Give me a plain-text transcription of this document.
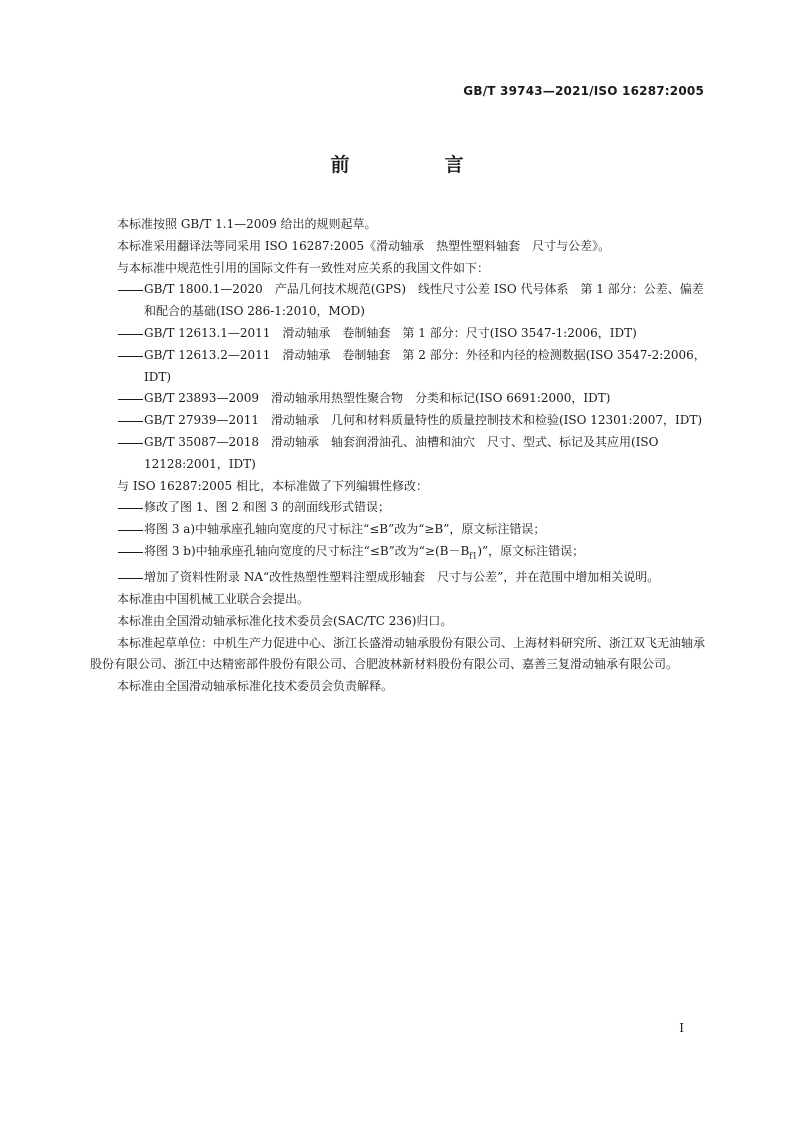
GB/T 39743—2021/ISO 16287:2005
前　言

本标准按照 GB/T 1.1—2009 给出的规则起草。

本标准采用翻译法等同采用 ISO 16287:2005《滑动轴承　热塑性塑料轴套　尺寸与公差》。

与本标准中规范性引用的国际文件有一致性对应关系的我国文件如下：

GB/T 1800.1—2020　产品几何技术规范(GPS)　线性尺寸公差 ISO 代号体系　第 1 部分：公差、偏差和配合的基础(ISO 286-1:2010，MOD)
GB/T 12613.1—2011　滑动轴承　卷制轴套　第 1 部分：尺寸(ISO 3547-1:2006，IDT)
GB/T 12613.2—2011　滑动轴承　卷制轴套　第 2 部分：外径和内径的检测数据(ISO 3547-2:2006，IDT)
GB/T 23893—2009　滑动轴承用热塑性聚合物　分类和标记(ISO 6691:2000，IDT)
GB/T 27939—2011　滑动轴承　几何和材料质量特性的质量控制技术和检验(ISO 12301:2007，IDT)
GB/T 35087—2018　滑动轴承　轴套润滑油孔、油槽和油穴　尺寸、型式、标记及其应用(ISO 12128:2001，IDT)

与 ISO 16287:2005 相比，本标准做了下列编辑性修改：

修改了图 1、图 2 和图 3 的剖面线形式错误；
将图 3 a)中轴承座孔轴向宽度的尺寸标注“≤B”改为“≥B”，原文标注错误；
将图 3 b)中轴承座孔轴向宽度的尺寸标注“≤B”改为“$\ge(B-B_{f1})$”，原文标注错误；
增加了资料性附录 NA“改性热塑性塑料注塑成形轴套　尺寸与公差”，并在范围中增加相关说明。

本标准由中国机械工业联合会提出。

本标准由全国滑动轴承标准化技术委员会(SAC/TC 236)归口。

本标准起草单位：中机生产力促进中心、浙江长盛滑动轴承股份有限公司、上海材料研究所、浙江双飞无油轴承股份有限公司、浙江中达精密部件股份有限公司、合肥波林新材料股份有限公司、嘉善三复滑动轴承有限公司。

本标准由全国滑动轴承标准化技术委员会负责解释。

I
